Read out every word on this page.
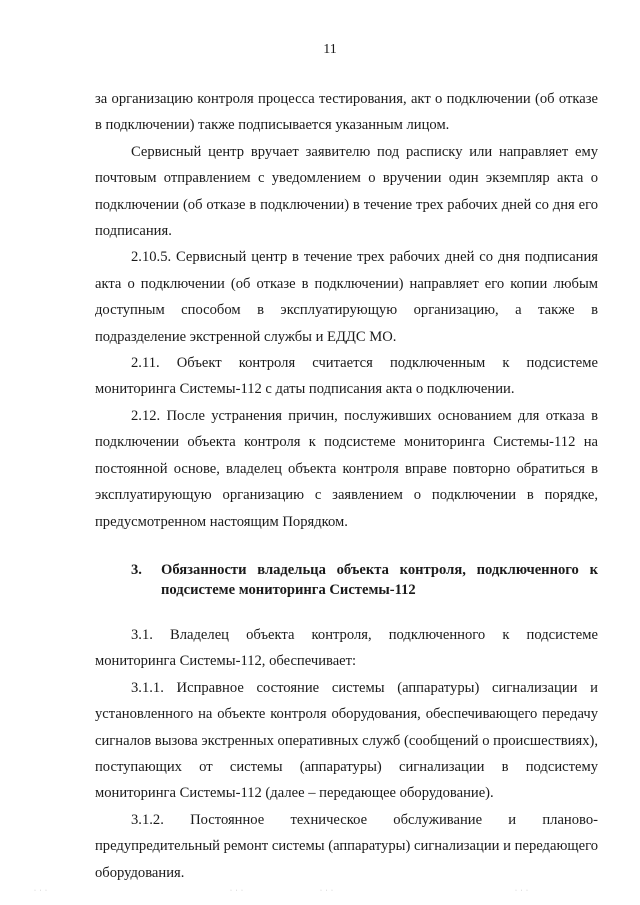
11

за организацию контроля процесса тестирования, акт о подключении (об отказе в подключении) также подписывается указанным лицом.

Сервисный центр вручает заявителю под расписку или направляет ему почтовым отправлением с уведомлением о вручении один экземпляр акта о подключении (об отказе в подключении) в течение трех рабочих дней со дня его подписания.

2.10.5. Сервисный центр в течение трех рабочих дней со дня подписания акта о подключении (об отказе в подключении) направляет его копии любым доступным способом в эксплуатирующую организацию, а также в подразделение экстренной службы и ЕДДС МО.

2.11. Объект контроля считается подключенным к подсистеме мониторинга Системы-112 с даты подписания акта о подключении.

2.12. После устранения причин, послуживших основанием для отказа в подключении объекта контроля к подсистеме мониторинга Системы-112 на постоянной основе, владелец объекта контроля вправе повторно обратиться в эксплуатирующую организацию с заявлением о подключении в порядке, предусмотренном настоящим Порядком.

3.	Обязанности владельца объекта контроля, подключенного к подсистеме мониторинга Системы-112

3.1. Владелец объекта контроля, подключенного к подсистеме мониторинга Системы-112, обеспечивает:

3.1.1. Исправное состояние системы (аппаратуры) сигнализации и установленного на объекте контроля оборудования, обеспечивающего передачу сигналов вызова экстренных оперативных служб (сообщений о происшествиях), поступающих от системы (аппаратуры) сигнализации в подсистему мониторинга Системы-112 (далее – передающее оборудование).

3.1.2. Постоянное техническое обслуживание и планово-предупредительный ремонт системы (аппаратуры) сигнализации и передающего оборудования.

· · ·	· · ·	· · ·	· · ·
